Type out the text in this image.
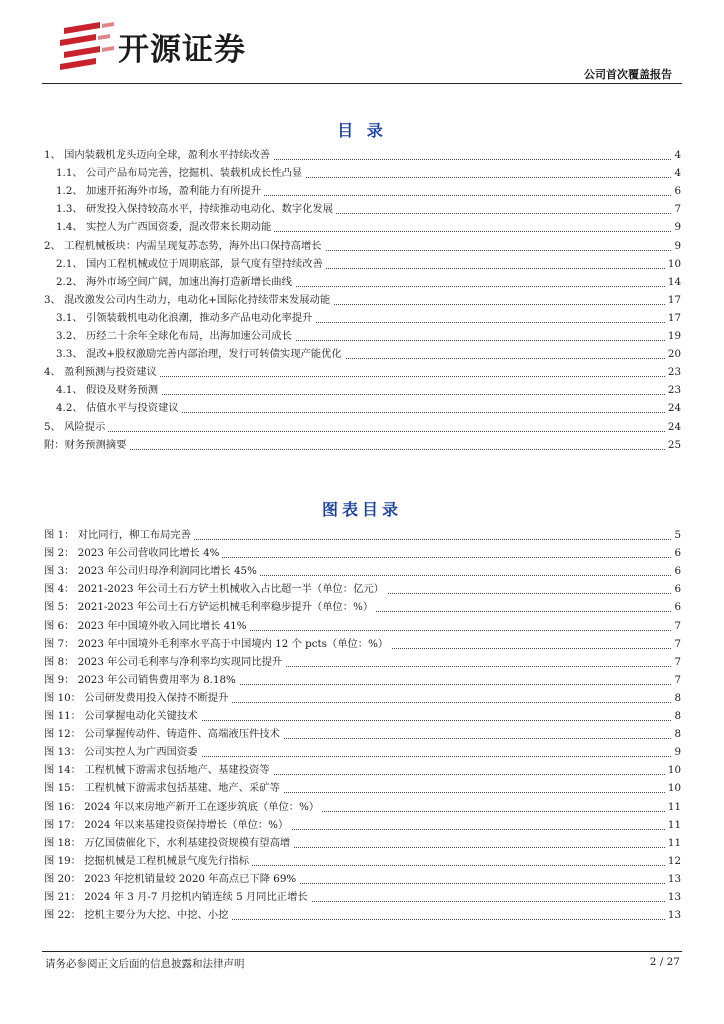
开源证券
公司首次覆盖报告
目 录
1、 国内装载机龙头迈向全球，盈利水平持续改善	4
1.1、 公司产品布局完善，挖掘机、装载机成长性凸显	4
1.2、 加速开拓海外市场，盈利能力有所提升	6
1.3、 研发投入保持较高水平，持续推动电动化、数字化发展	7
1.4、 实控人为广西国资委，混改带来长期动能	9
2、 工程机械板块：内需呈现复苏态势，海外出口保持高增长	9
2.1、 国内工程机械或位于周期底部，景气度有望持续改善	10
2.2、 海外市场空间广阔，加速出海打造新增长曲线	14
3、 混改激发公司内生动力，电动化+国际化持续带来发展动能	17
3.1、 引领装载机电动化浪潮，推动多产品电动化率提升	17
3.2、 历经二十余年全球化布局，出海加速公司成长	19
3.3、 混改+股权激励完善内部治理，发行可转债实现产能优化	20
4、 盈利预测与投资建议	23
4.1、 假设及财务预测	23
4.2、 估值水平与投资建议	24
5、 风险提示	24
附：财务预测摘要	25
图表目录
图 1： 对比同行，柳工布局完善	5
图 2： 2023 年公司营收同比增长 4%	6
图 3： 2023 年公司归母净利润同比增长 45%	6
图 4： 2021-2023 年公司土石方铲土机械收入占比超一半（单位：亿元）	6
图 5： 2021-2023 年公司土石方铲运机械毛利率稳步提升（单位：%）	6
图 6： 2023 年中国境外收入同比增长 41%	7
图 7： 2023 年中国境外毛利率水平高于中国境内 12 个 pcts（单位：%）	7
图 8： 2023 年公司毛利率与净利率均实现同比提升	7
图 9： 2023 年公司销售费用率为 8.18%	7
图 10： 公司研发费用投入保持不断提升	8
图 11： 公司掌握电动化关键技术	8
图 12： 公司掌握传动件、铸造件、高端液压件技术	8
图 13： 公司实控人为广西国资委	9
图 14： 工程机械下游需求包括地产、基建投资等	10
图 15： 工程机械下游需求包括基建、地产、采矿等	10
图 16： 2024 年以来房地产新开工在逐步筑底（单位：%）	11
图 17： 2024 年以来基建投资保持增长（单位：%）	11
图 18： 万亿国债催化下，水利基建投资规模有望高增	11
图 19： 挖掘机械是工程机械景气度先行指标	12
图 20： 2023 年挖机销量较 2020 年高点已下降 69%	13
图 21： 2024 年 3 月-7 月挖机内销连续 5 月同比正增长	13
图 22： 挖机主要分为大挖、中挖、小挖	13
请务必参阅正文后面的信息披露和法律声明	2 / 27
